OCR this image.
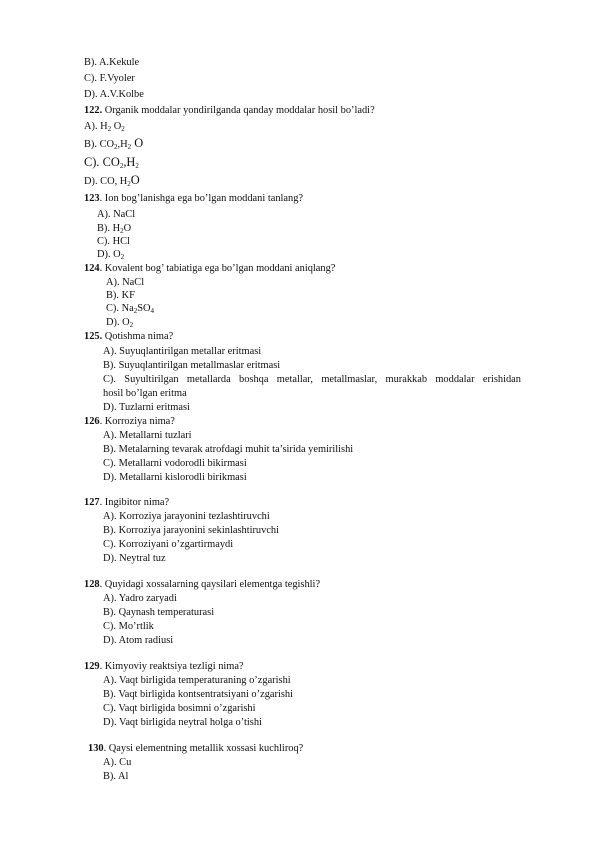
B). A.Kekule
C). F.Vyoler
D). A.V.Kolbe
122. Organik moddalar yondirilganda qanday moddalar hosil bo’ladi?
A). $H_2$ $O_2$
B). $CO_2,H_2$ O
C). $CO_2,H_2$
D). CO, $H_2O$
123. Ion bog’lanishga ega bo’lgan moddani tanlang?
A). NaCl
B). $H_2O$
C). HCl
D). $O_2$
124. Kovalent bog’ tabiatiga ega bo’lgan moddani aniqlang?
A). NaCl
B). KF
C). $Na_2SO_4$
D). $O_2$
125. Qotishma nima?
A). Suyuqlantirilgan metallar eritmasi
B). Suyuqlantirilgan metallmaslar eritmasi
C). Suyultirilgan metallarda boshqa metallar, metallmaslar, murakkab moddalar erishidan
hosil bo’lgan eritma
D). Tuzlarni eritmasi
126. Korroziya nima?
A). Metallarni tuzlari
B). Metalarning tevarak atrofdagi muhit ta’sirida yemirilishi
C). Metallarni vodorodli bikirmasi
D). Metallarni kislorodli birikmasi
127. Ingibitor nima?
A). Korroziya jarayonini tezlashtiruvchi
B). Korroziya jarayonini sekinlashtiruvchi
C). Korroziyani o’zgartirmaydi
D). Neytral tuz
128. Quyidagi xossalarning qaysilari elementga tegishli?
A). Yadro zaryadi
B). Qaynash temperaturasi
C). Mo’rtlik
D). Atom radiusi
129. Kimyoviy reaktsiya tezligi nima?
A). Vaqt birligida temperaturaning o’zgarishi
B). Vaqt birligida kontsentratsiyani o’zgarishi
C). Vaqt birligida bosimni o’zgarishi
D). Vaqt birligida neytral holga o’tishi
130. Qaysi elementning metallik xossasi kuchliroq?
A). Cu
B). Al
